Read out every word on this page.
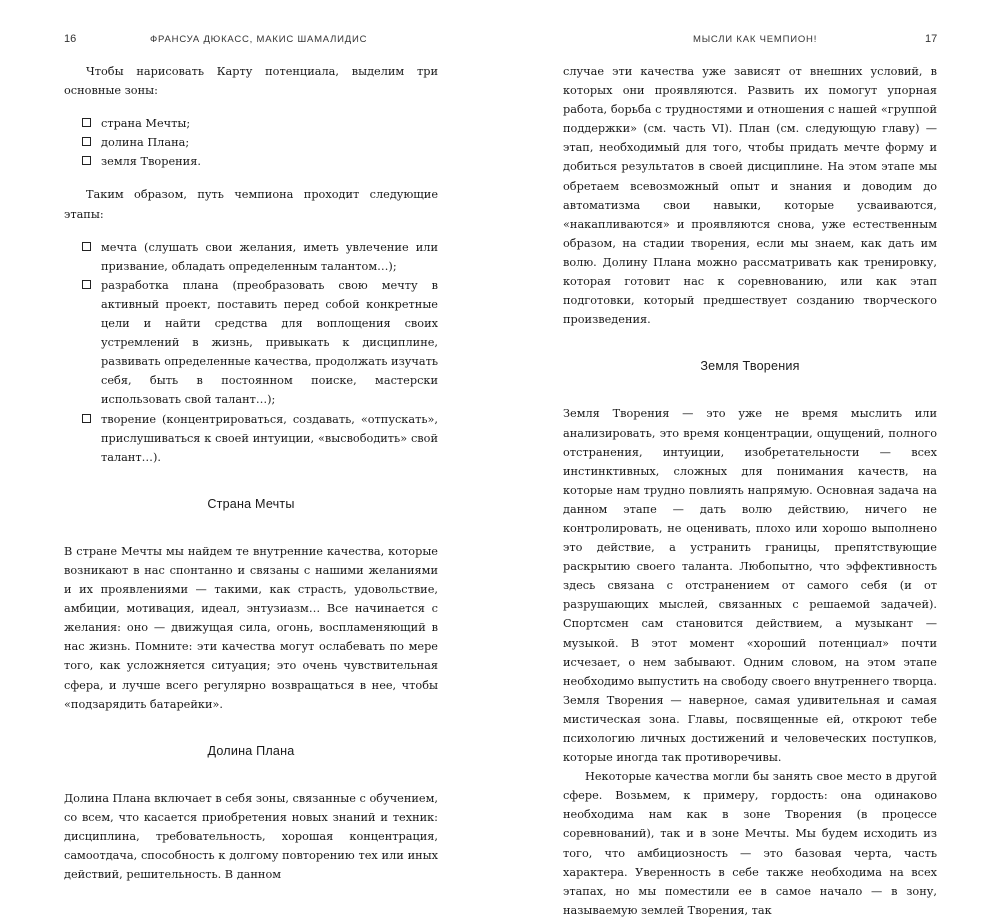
16	ФРАНСУА ДЮКАСС, МАКИС ШАМАЛИДИС

Чтобы нарисовать Карту потенциала, выделим три основные зоны:

страна Мечты;
долина Плана;
земля Творения.

Таким образом, путь чемпиона проходит следующие этапы:

мечта (слушать свои желания, иметь увлечение или призвание, обладать определенным талантом…);
разработка плана (преобразовать свою мечту в активный проект, поставить перед собой конкретные цели и найти средства для воплощения своих устремлений в жизнь, привыкать к дисциплине, развивать определенные качества, продолжать изучать себя, быть в постоянном поиске, мастерски использовать свой талант…);
творение (концентрироваться, создавать, «отпускать», прислушиваться к своей интуиции, «высвободить» свой талант…).
Страна Мечты

В стране Мечты мы найдем те внутренние качества, которые возникают в нас спонтанно и связаны с нашими желаниями и их проявлениями — такими, как страсть, удовольствие, амбиции, мотивация, идеал, энтузиазм… Все начинается с желания: оно — движущая сила, огонь, воспламеняющий в нас жизнь. Помните: эти качества могут ослабевать по мере того, как усложняется ситуация; это очень чувствительная сфера, и лучше всего регулярно возвращаться в нее, чтобы «подзарядить батарейки».

Долина Плана

Долина Плана включает в себя зоны, связанные с обучением, со всем, что касается приобретения новых знаний и техник: дисциплина, требовательность, хорошая концентрация, самоотдача, способность к долгому повторению тех или иных действий, решительность. В данном

МЫСЛИ КАК ЧЕМПИОН!	17

случае эти качества уже зависят от внешних условий, в которых они проявляются. Развить их помогут упорная работа, борьба с трудностями и отношения с нашей «группой поддержки» (см. часть VI). План (см. следующую главу) — этап, необходимый для того, чтобы придать мечте форму и добиться результатов в своей дисциплине. На этом этапе мы обретаем всевозможный опыт и знания и доводим до автоматизма свои навыки, которые усваиваются, «накапливаются» и проявляются снова, уже естественным образом, на стадии творения, если мы знаем, как дать им волю. Долину Плана можно рассматривать как тренировку, которая готовит нас к соревнованию, или как этап подготовки, который предшествует созданию творческого произведения.

Земля Творения

Земля Творения — это уже не время мыслить или анализировать, это время концентрации, ощущений, полного отстранения, интуиции, изобретательности — всех инстинктивных, сложных для понимания качеств, на которые нам трудно повлиять напрямую. Основная задача на данном этапе — дать волю действию, ничего не контролировать, не оценивать, плохо или хорошо выполнено это действие, а устранить границы, препятствующие раскрытию своего таланта. Любопытно, что эффективность здесь связана с отстранением от самого себя (и от разрушающих мыслей, связанных с решаемой задачей). Спортсмен сам становится действием, а музыкант — музыкой. В этот момент «хороший потенциал» почти исчезает, о нем забывают. Одним словом, на этом этапе необходимо выпустить на свободу своего внутреннего творца. Земля Творения — наверное, самая удивительная и самая мистическая зона. Главы, посвященные ей, откроют тебе психологию личных достижений и человеческих поступков, которые иногда так противоречивы.

Некоторые качества могли бы занять свое место в другой сфере. Возьмем, к примеру, гордость: она одинаково необходима нам как в зоне Творения (в процессе соревнований), так и в зоне Мечты. Мы будем исходить из того, что амбициозность — это базовая черта, часть характера. Уверенность в себе также необходима на всех этапах, но мы поместили ее в самое начало — в зону, называемую землей Творения, так
